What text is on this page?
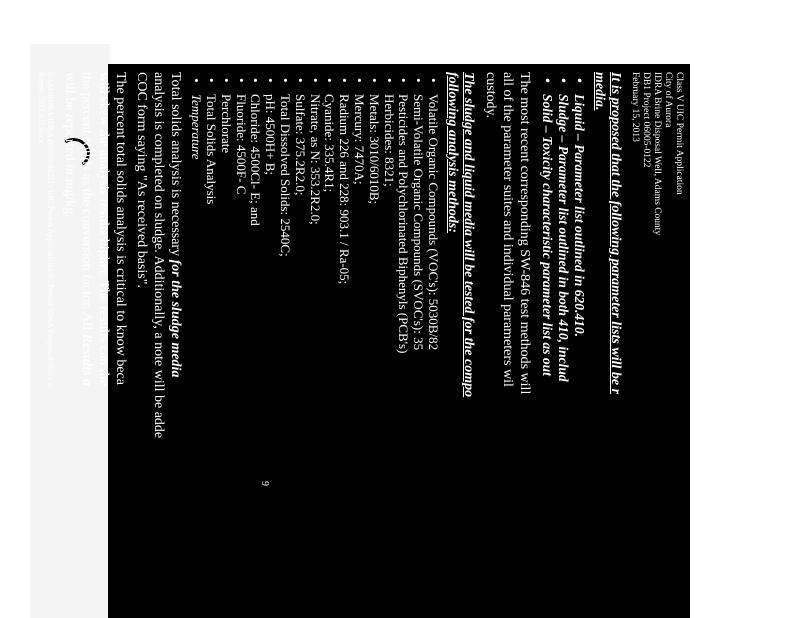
Class V UIC Permit Application
City of Aurora
IDRA Brine Disposal Well, Adams County
DB1 Project 06005-0122
February 15, 2013
It is proposed that the following parameter lists will be r
media.
• Liquid – Parameter list outlined in 620.410.
• Sludge – Parameter list outlined in both 410, includ
• Solid – Toxicity characteristic parameter list as out
The most recent corresponding SW-846 test methods will
all of the parameter suites and individual parameters wil
custody.
The sludge and liquid media will be tested for the compo
following analysis methods:
• Volatile Organic Compounds (VOC's): 5030B/82
• Semi-Volatile Organic Compounds (SVOC's): 35
• Pesticides and Polychlorinated Biphenyls (PCB's)
• Herbicides: 8321;
• Metals: 3010/6010B;
• Mercury: 7470A;
• Radium 226 and 228: 903.1 / Ra-05;
• Cyanide: 335.4R1;
• Nitrate, as N: 353.2R2.0;
• Sulfate: 375.2R2.0;
• Total Dissolved Solids: 2540C;
• pH: 4500H+ B;
• Chloride: 4500Cl- E; and
• Fluoride: 4500F- C
• Perchlorate
• Total Solids Analysis
• Temperature
Total solids analysis is necessary for the sludge media
analysis is completed on sludge. Additionally, a note will be adde
COC form saying "As received basis".
The percent total solids analysis is critical to know beca
will skew the analysis results higher. The results can the
the percent solids as the conversion factor. All Results a
will be reported in mg/kg.
G:\AURORA\IDRA (06005-0122) - UIC Permit Application\UIC Permit\IDRA Responsibilities at
Report 2013.021.docx
9
